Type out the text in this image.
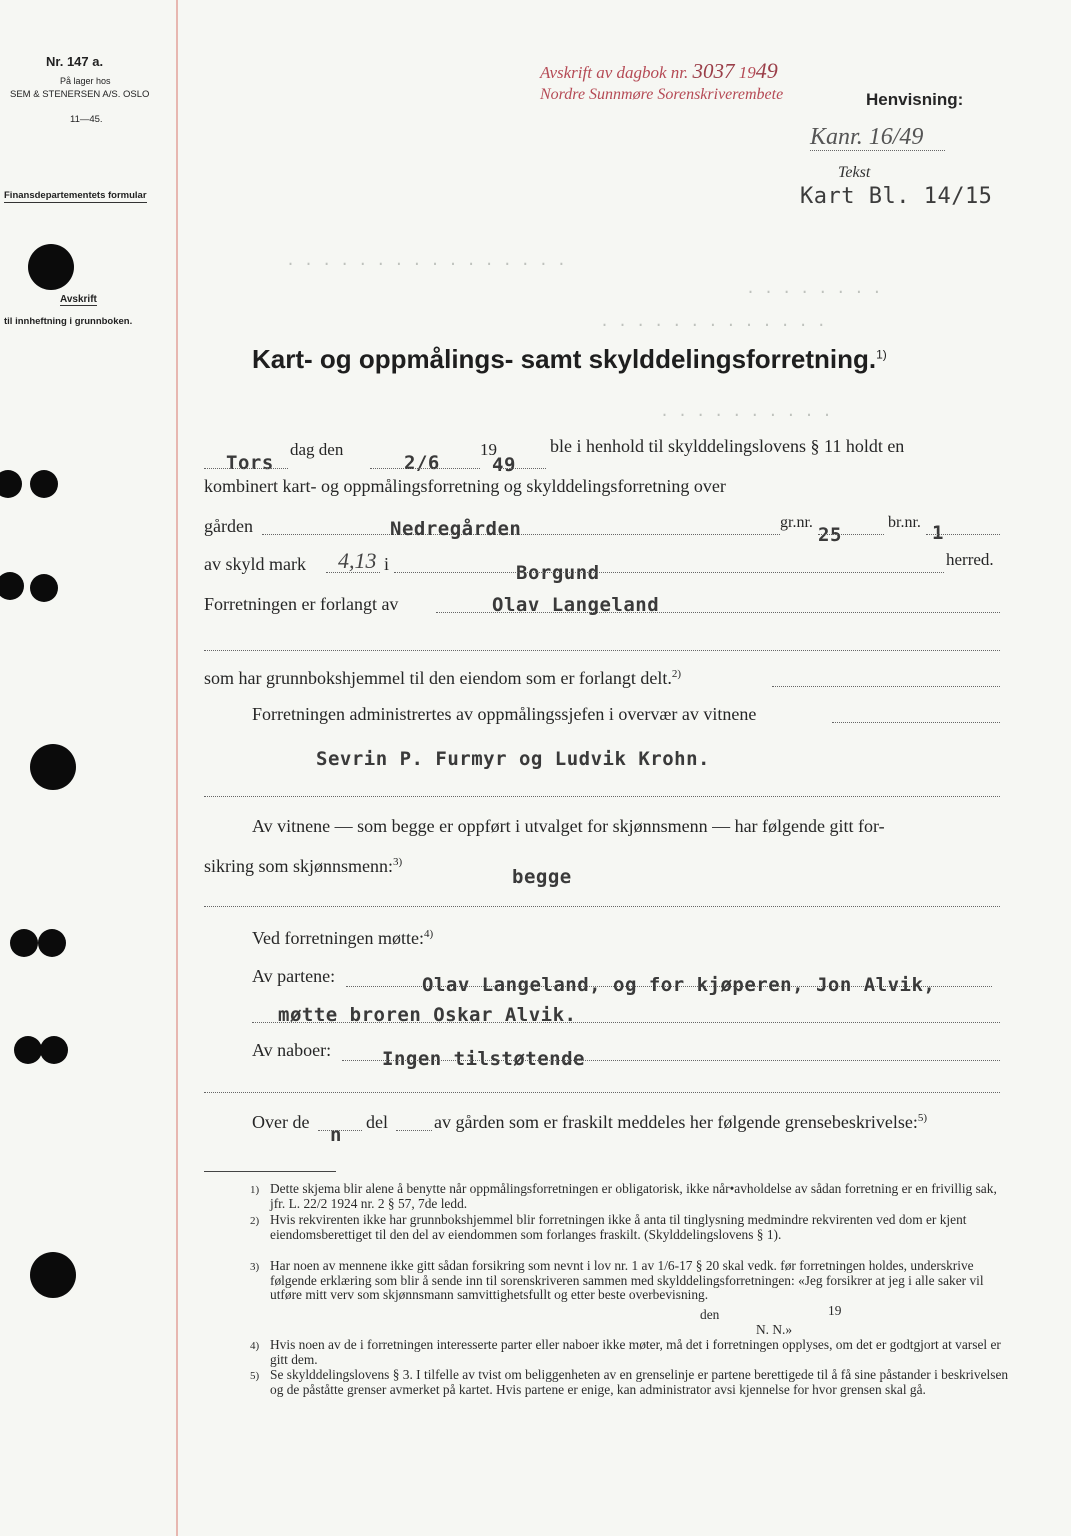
Nr. 147 a.
På lager hos
SEM & STENERSEN A/S. OSLO
11—45.
Finansdepartementets formular
Avskrift
til innheftning i grunnboken.
Avskrift av dagbok nr. 3037 1949
Nordre Sunnmøre Sorenskriverembete	Henvisning:
Kanr. 16/49
Tekst
Kart Bl. 14/15
· · · · · · · · · · · · · · · ·
· · · · · · · ·
· · · · · · · · · · · · ·
· · · · · · · · · ·
Kart- og oppmålings- samt skylddelingsforretning.$^{1)}$
Tors
dag den
2/6
19
49
ble i henhold til skylddelingslovens § 11 holdt en
kombinert kart- og oppmålingsforretning og skylddelingsforretning over
gården	Nedregården	gr.nr.
25
br.nr. 1
av skyld mark 4,13 i	Borgund
herred.
Forretningen er forlangt av	Olav Langeland
som har grunnbokshjemmel til den eiendom som er forlangt delt.$^{2)}$
Forretningen administrertes av oppmålingssjefen i overvær av vitnene
Sevrin P. Furmyr og Ludvik Krohn.
Av vitnene — som begge er oppført i utvalget for skjønnsmenn — har følgende gitt for-
sikring som skjønnsmenn:$^{3)}$
begge
Ved forretningen møtte:$^{4)}$
Av partene:	Olav Langeland, og for kjøperen, Jon Alvik,
møtte broren Oskar Alvik.
Av naboer:	Ingen tilstøtende
Over de
n
del	av gården som er fraskilt meddeles her følgende grensebeskrivelse:$^{5)}$
1) Dette skjema blir alene å benytte når oppmålingsforretningen er obligatorisk, ikke når•avholdelse av sådan forretning er en frivillig sak, jfr. L. 22/2 1924 nr. 2 § 57, 7de ledd.
2) Hvis rekvirenten ikke har grunnbokshjemmel blir forretningen ikke å anta til tinglysning medmindre rekvirenten ved dom er kjent eiendomsberettiget til den del av eiendommen som forlanges fraskilt. (Skylddelingslovens § 1).
3) Har noen av mennene ikke gitt sådan forsikring som nevnt i lov nr. 1 av 1/6-17 § 20 skal vedk. før forretningen holdes, underskrive følgende erklæring som blir å sende inn til sorenskriveren sammen med skylddelingsforretningen: «Jeg forsikrer at jeg i alle saker vil utføre mitt verv som skjønnsmann samvittighetsfullt og etter beste overbevisning.
den	19
N. N.»
4) Hvis noen av de i forretningen interesserte parter eller naboer ikke møter, må det i forretningen opplyses, om det er godtgjort at varsel er gitt dem.
5) Se skylddelingslovens § 3. I tilfelle av tvist om beliggenheten av en grenselinje er partene berettigede til å få sine påstander i beskrivelsen og de påståtte grenser avmerket på kartet. Hvis partene er enige, kan administrator avsi kjennelse for hvor grensen skal gå.
